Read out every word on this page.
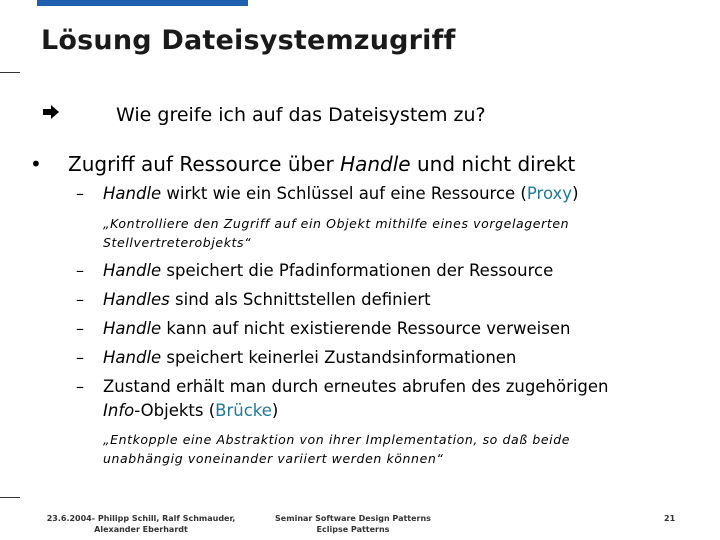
Lösung Dateisystemzugriff
Wie greife ich auf das Dateisystem zu?
• Zugriff auf Ressource über Handle und nicht direkt
– Handle wirkt wie ein Schlüssel auf eine Ressource (Proxy)
„Kontrolliere den Zugriff auf ein Objekt mithilfe eines vorgelagerten
Stellvertreterobjekts“
– Handle speichert die Pfadinformationen der Ressource
– Handles sind als Schnittstellen definiert
– Handle kann auf nicht existierende Ressource verweisen
– Handle speichert keinerlei Zustandsinformationen
– Zustand erhält man durch erneutes abrufen des zugehörigen
Info-Objekts (Brücke)
„Entkopple eine Abstraktion von ihrer Implementation, so daß beide
unabhängig voneinander variiert werden können“
23.6.2004- Philipp Schill, Ralf Schmauder,
Alexander Eberhardt
Seminar Software Design Patterns
Eclipse Patterns
21
